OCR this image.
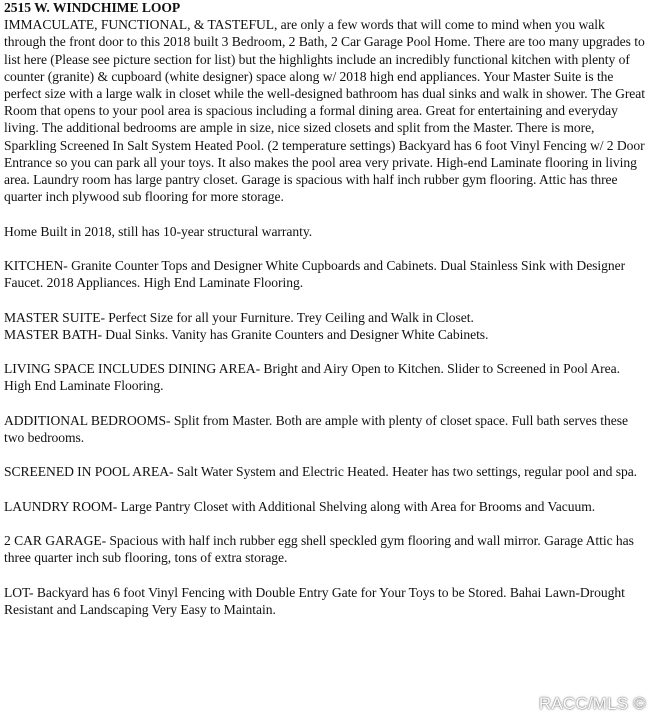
2515 W. WINDCHIME LOOP

IMMACULATE, FUNCTIONAL, & TASTEFUL, are only a few words that will come to mind when you walk through the front door to this 2018 built 3 Bedroom, 2 Bath, 2 Car Garage Pool Home. There are too many upgrades to list here (Please see picture section for list) but the highlights include an incredibly functional kitchen with plenty of counter (granite) & cupboard (white designer) space along w/ 2018 high end appliances. Your Master Suite is the perfect size with a large walk in closet while the well-designed bathroom has dual sinks and walk in shower. The Great Room that opens to your pool area is spacious including a formal dining area. Great for entertaining and everyday living. The additional bedrooms are ample in size, nice sized closets and split from the Master. There is more, Sparkling Screened In Salt System Heated Pool. (2 temperature settings) Backyard has 6 foot Vinyl Fencing w/ 2 Door Entrance so you can park all your toys. It also makes the pool area very private. High-end Laminate flooring in living area. Laundry room has large pantry closet. Garage is spacious with half inch rubber gym flooring. Attic has three quarter inch plywood sub flooring for more storage.

Home Built in 2018, still has 10-year structural warranty.

KITCHEN- Granite Counter Tops and Designer White Cupboards and Cabinets. Dual Stainless Sink with Designer Faucet. 2018 Appliances. High End Laminate Flooring.

MASTER SUITE- Perfect Size for all your Furniture. Trey Ceiling and Walk in Closet.

MASTER BATH- Dual Sinks. Vanity has Granite Counters and Designer White Cabinets.

LIVING SPACE INCLUDES DINING AREA- Bright and Airy Open to Kitchen. Slider to Screened in Pool Area. High End Laminate Flooring.

ADDITIONAL BEDROOMS- Split from Master. Both are ample with plenty of closet space. Full bath serves these two bedrooms.

SCREENED IN POOL AREA- Salt Water System and Electric Heated. Heater has two settings, regular pool and spa.

LAUNDRY ROOM- Large Pantry Closet with Additional Shelving along with Area for Brooms and Vacuum.

2 CAR GARAGE- Spacious with half inch rubber egg shell speckled gym flooring and wall mirror. Garage Attic has three quarter inch sub flooring, tons of extra storage.

LOT- Backyard has 6 foot Vinyl Fencing with Double Entry Gate for Your Toys to be Stored. Bahai Lawn-Drought Resistant and Landscaping Very Easy to Maintain.

RACC/MLS ©
